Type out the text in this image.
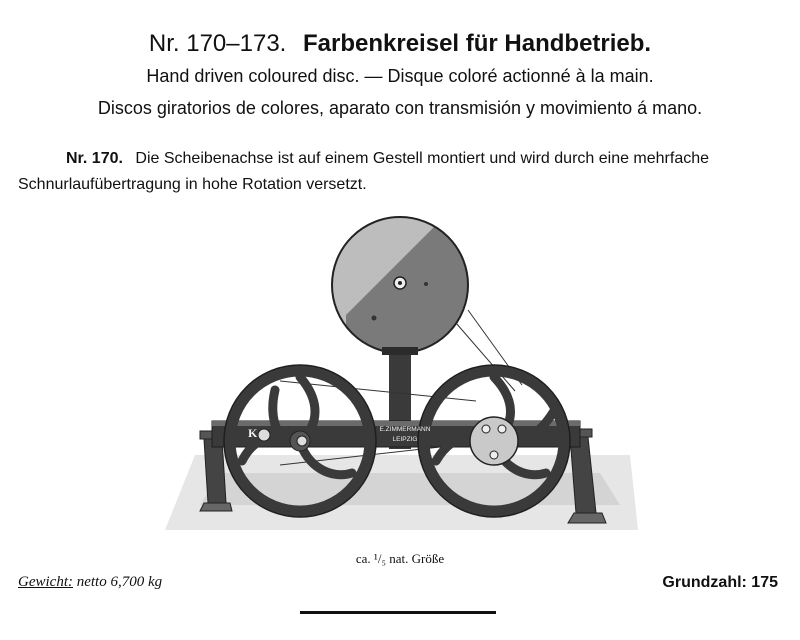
Nr. 170–173. Farbenkreisel für Handbetrieb.
Hand driven coloured disc. — Disque coloré actionné à la main.
Discos giratorios de colores, aparato con transmisión y movimiento á mano.
Nr. 170. Die Scheibenachse ist auf einem Gestell montiert und wird durch eine mehrfache Schnurlaufübertragung in hohe Rotation versetzt.
E.ZIMMERMANN
LEIPZIG
K
ca. ¹/₅ nat. Größe
Gewicht: netto 6,700 kg	Grundzahl: 175
